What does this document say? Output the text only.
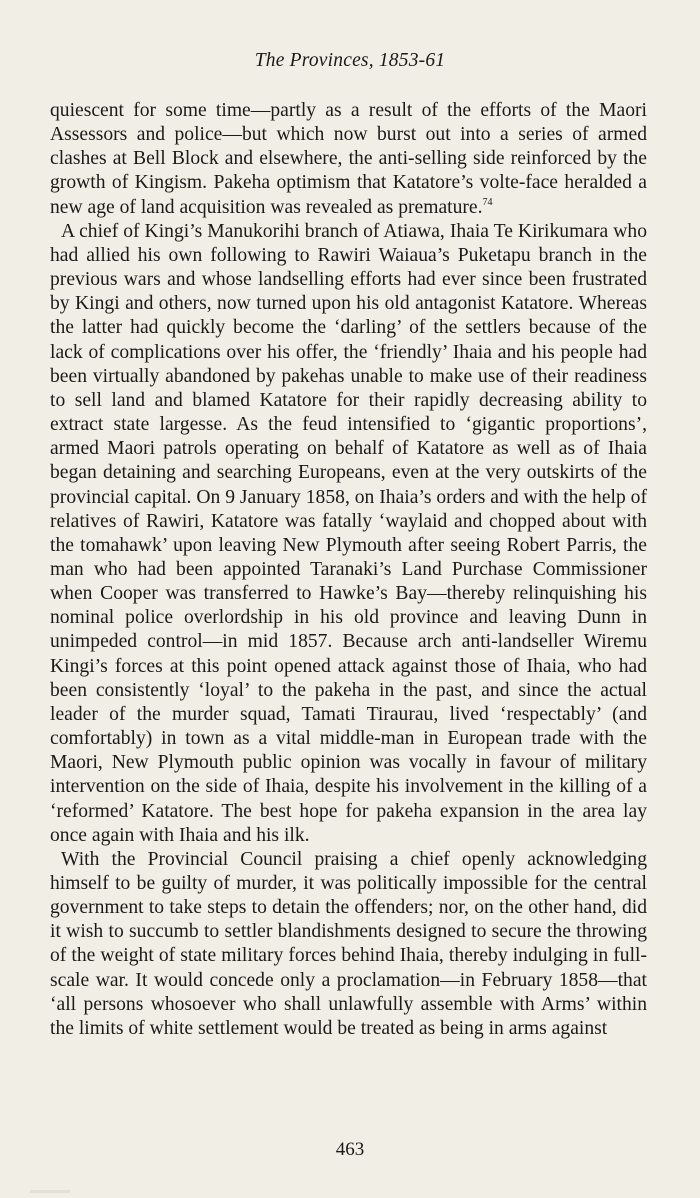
The Provinces, 1853-61

quiescent for some time—partly as a result of the efforts of the Maori Assessors and police—but which now burst out into a series of armed clashes at Bell Block and elsewhere, the anti-selling side reinforced by the growth of Kingism. Pakeha optimism that Katatore’s volte-face heralded a new age of land acquisition was revealed as premature.$^{74}$

A chief of Kingi’s Manukorihi branch of Atiawa, Ihaia Te Kirikumara who had allied his own following to Rawiri Waiaua’s Puketapu branch in the previous wars and whose landselling efforts had ever since been frustrated by Kingi and others, now turned upon his old antagonist Katatore. Whereas the latter had quickly become the ‘darling’ of the settlers because of the lack of complications over his offer, the ‘friendly’ Ihaia and his people had been virtually abandoned by pakehas unable to make use of their readiness to sell land and blamed Katatore for their rapidly decreasing ability to extract state largesse. As the feud intensified to ‘gigantic proportions’, armed Maori patrols operating on behalf of Katatore as well as of Ihaia began detaining and searching Europeans, even at the very outskirts of the provincial capital. On 9 January 1858, on Ihaia’s orders and with the help of relatives of Rawiri, Katatore was fatally ‘waylaid and chopped about with the tomahawk’ upon leaving New Plymouth after seeing Robert Parris, the man who had been appointed Taranaki’s Land Purchase Commissioner when Cooper was transferred to Hawke’s Bay—thereby relinquishing his nominal police overlordship in his old province and leaving Dunn in unimpeded control—in mid 1857. Because arch anti-landseller Wiremu Kingi’s forces at this point opened attack against those of Ihaia, who had been consistently ‘loyal’ to the pakeha in the past, and since the actual leader of the murder squad, Tamati Tiraurau, lived ‘respectably’ (and comfortably) in town as a vital middle-man in European trade with the Maori, New Plymouth public opinion was vocally in favour of military intervention on the side of Ihaia, despite his involvement in the killing of a ‘reformed’ Katatore. The best hope for pakeha expansion in the area lay once again with Ihaia and his ilk.

With the Provincial Council praising a chief openly acknowledging himself to be guilty of murder, it was politically impossible for the central government to take steps to detain the offenders; nor, on the other hand, did it wish to succumb to settler blandishments designed to secure the throwing of the weight of state military forces behind Ihaia, thereby indulging in full-scale war. It would concede only a proclamation—in February 1858—that ‘all persons whosoever who shall unlawfully assemble with Arms’ within the limits of white settlement would be treated as being in arms against

463
